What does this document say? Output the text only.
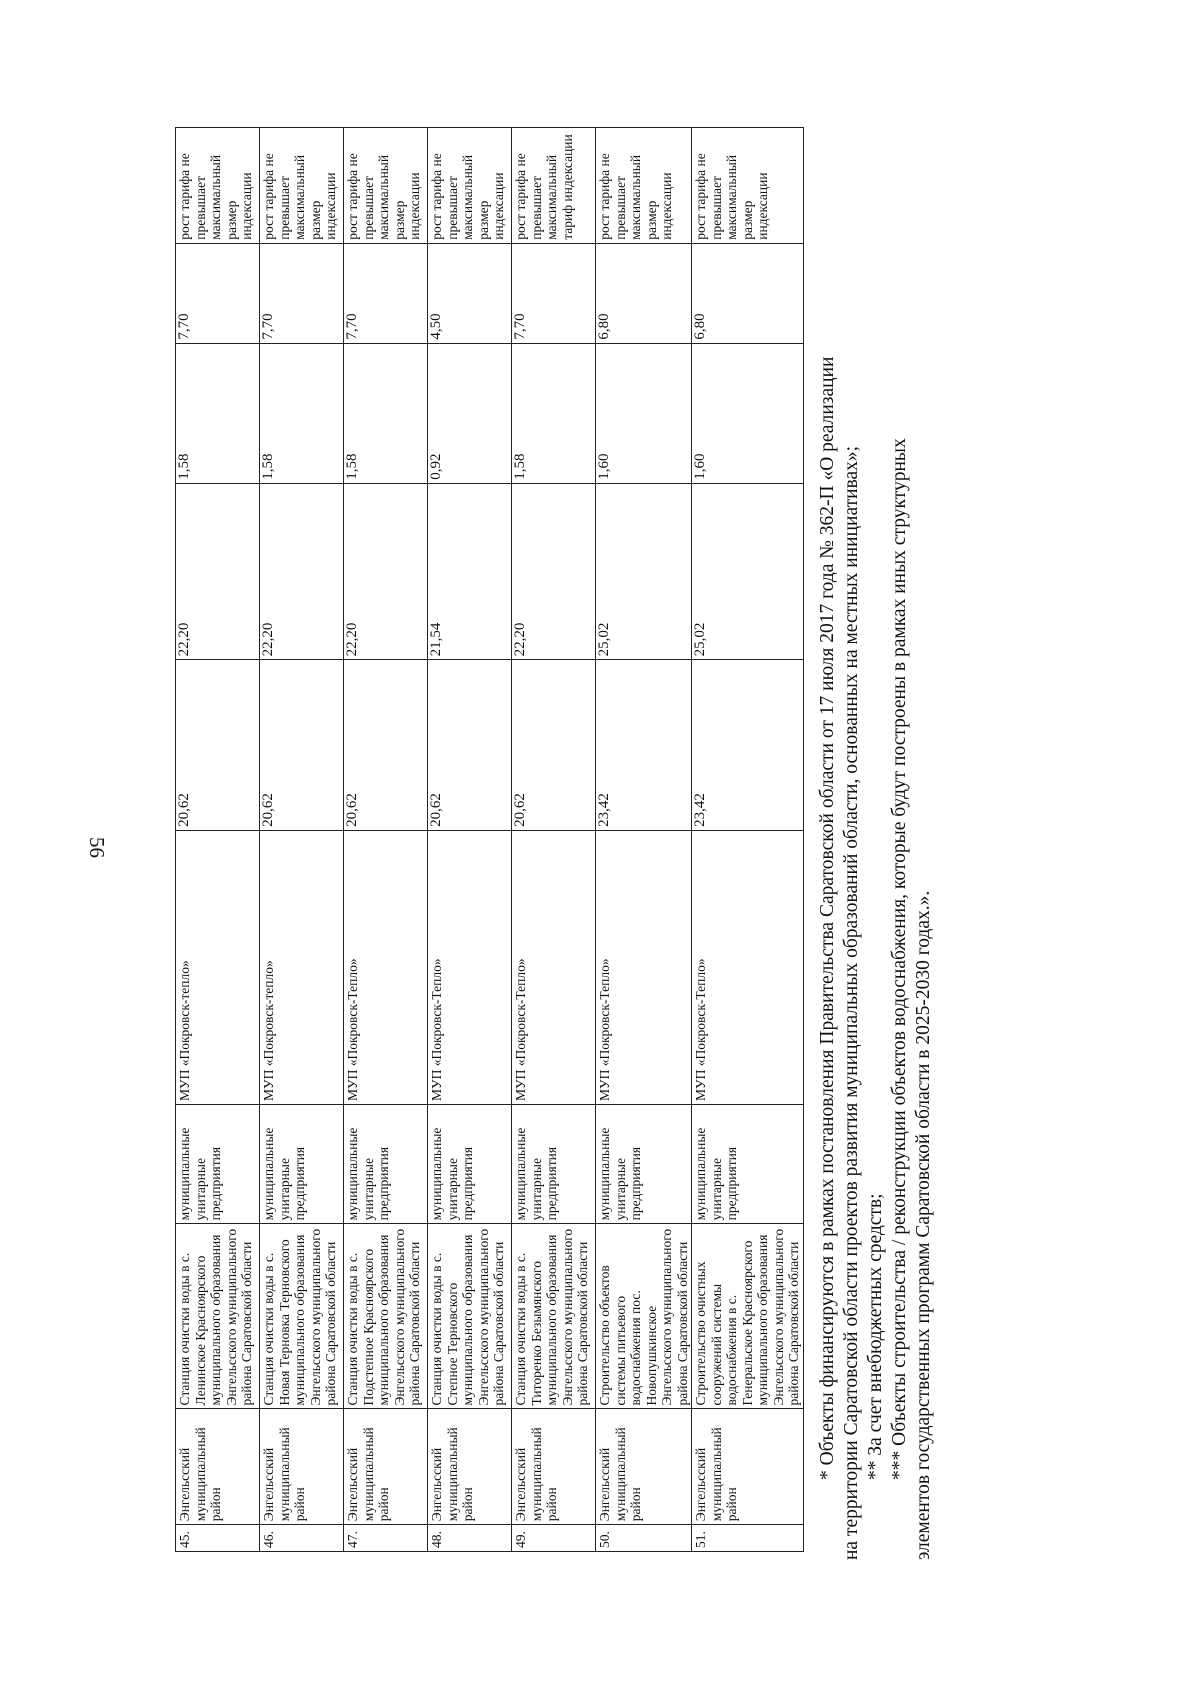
56
45.	Энгельсский муниципальный район	Станция очистки воды в с. Ленинское Красноярского муниципального образования Энгельсского муниципального района Саратовской области	муниципальные унитарные предприятия	МУП «Покровск-тепло»	20,62	22,20	1,58	7,70	рост тарифа не превышает максимальный размер индексации
46.	Энгельсский муниципальный район	Станция очистки воды в с. Новая Терновка Терновского муниципального образования Энгельсского муниципального района Саратовской области	муниципальные унитарные предприятия	МУП «Покровск-тепло»	20,62	22,20	1,58	7,70	рост тарифа не превышает максимальный размер индексации
47.	Энгельсский муниципальный район	Станция очистки воды в с. Подстепное Красноярского муниципального образования Энгельсского муниципального района Саратовской области	муниципальные унитарные предприятия	МУП «Покровск-Тепло»	20,62	22,20	1,58	7,70	рост тарифа не превышает максимальный размер индексации
48.	Энгельсский муниципальный район	Станция очистки воды в с. Степное Терновского муниципального образования Энгельсского муниципального района Саратовской области	муниципальные унитарные предприятия	МУП «Покровск-Тепло»	20,62	21,54	0,92	4,50	рост тарифа не превышает максимальный размер индексации
49.	Энгельсский муниципальный район	Станция очистки воды в с. Титоренко Безымянского муниципального образования Энгельсского муниципального района Саратовской области	муниципальные унитарные предприятия	МУП «Покровск-Тепло»	20,62	22,20	1,58	7,70	рост тарифа не превышает максимальный тариф индексации
50.	Энгельсский муниципальный район	Строительство объектов системы питьевого водоснабжения пос. Новопушкинское Энгельсского муниципального района Саратовской области	муниципальные унитарные предприятия	МУП «Покровск-Тепло»	23,42	25,02	1,60	6,80	рост тарифа не превышает максимальный размер индексации
51.	Энгельсский муниципальный район	Строительство очистных сооружений системы водоснабжения в с. Генеральское Красноярского муниципального образования Энгельсского муниципального района Саратовской области	муниципальные унитарные предприятия	МУП «Покровск-Тепло»	23,42	25,02	1,60	6,80	рост тарифа не превышает максимальный размер индексации

* Объекты финансируются в рамках постановления Правительства Саратовской области от 17 июля 2017 года № 362-П «О реализации на территории Саратовской области проектов развития муниципальных образований области, основанных на местных инициативах»; ** За счет внебюджетных средств; *** Объекты строительства / реконструкции объектов водоснабжения, которые будут построены в рамках иных структурных элементов государственных программ Саратовской области в 2025-2030 годах.».
